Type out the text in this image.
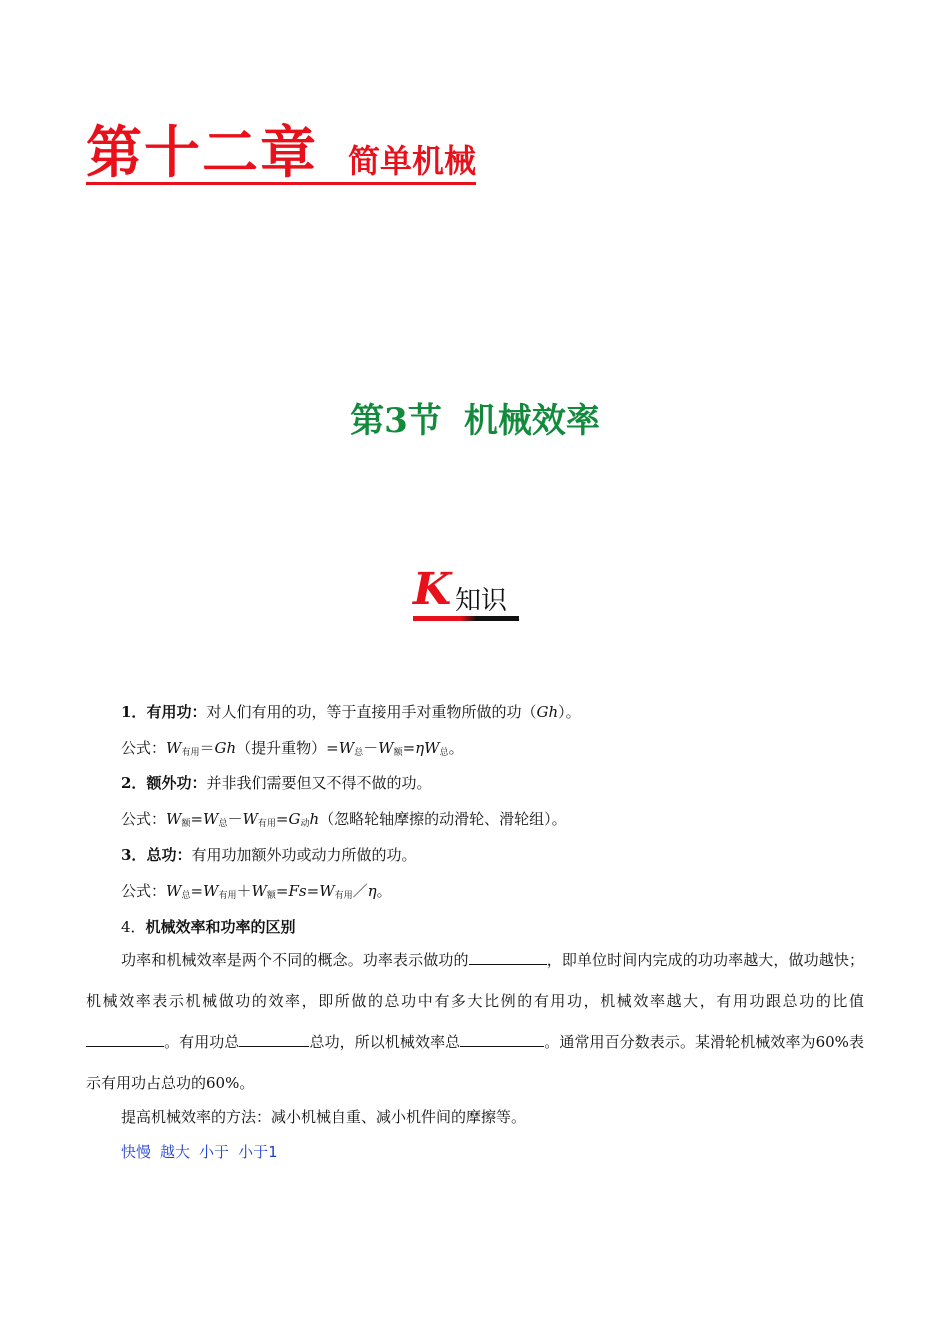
第十二章 简单机械
第3节 机械效率
K 知识
1．有用功：对人们有用的功，等于直接用手对重物所做的功（Gh）。
公式：$W_{有用}=Gh$（提升重物）$=W_总-W_额=\eta W_总$。
2．额外功：并非我们需要但又不得不做的功。
公式：$W_额=W_总-W_{有用}=G_动h$（忽略轮轴摩擦的动滑轮、滑轮组）。
3．总功：有用功加额外功或动力所做的功。
公式：$W_总=W_{有用}+W_额=Fs=W_{有用}/\eta$。
4．机械效率和功率的区别
功率和机械效率是两个不同的概念。功率表示做功的	，即单位时间内完成的功功率越大，做功越快；机械效率表示机械做功的效率，即所做的总功中有多大比例的有用功，机械效率越大，有用功跟总功的比值。有用功总	总功，所以机械效率总	。通常用百分数表示。某滑轮机械效率为60%表示有用功占总功的60%。
提高机械效率的方法：减小机械自重、减小机件间的摩擦等。
快慢 越大 小于 小于1
